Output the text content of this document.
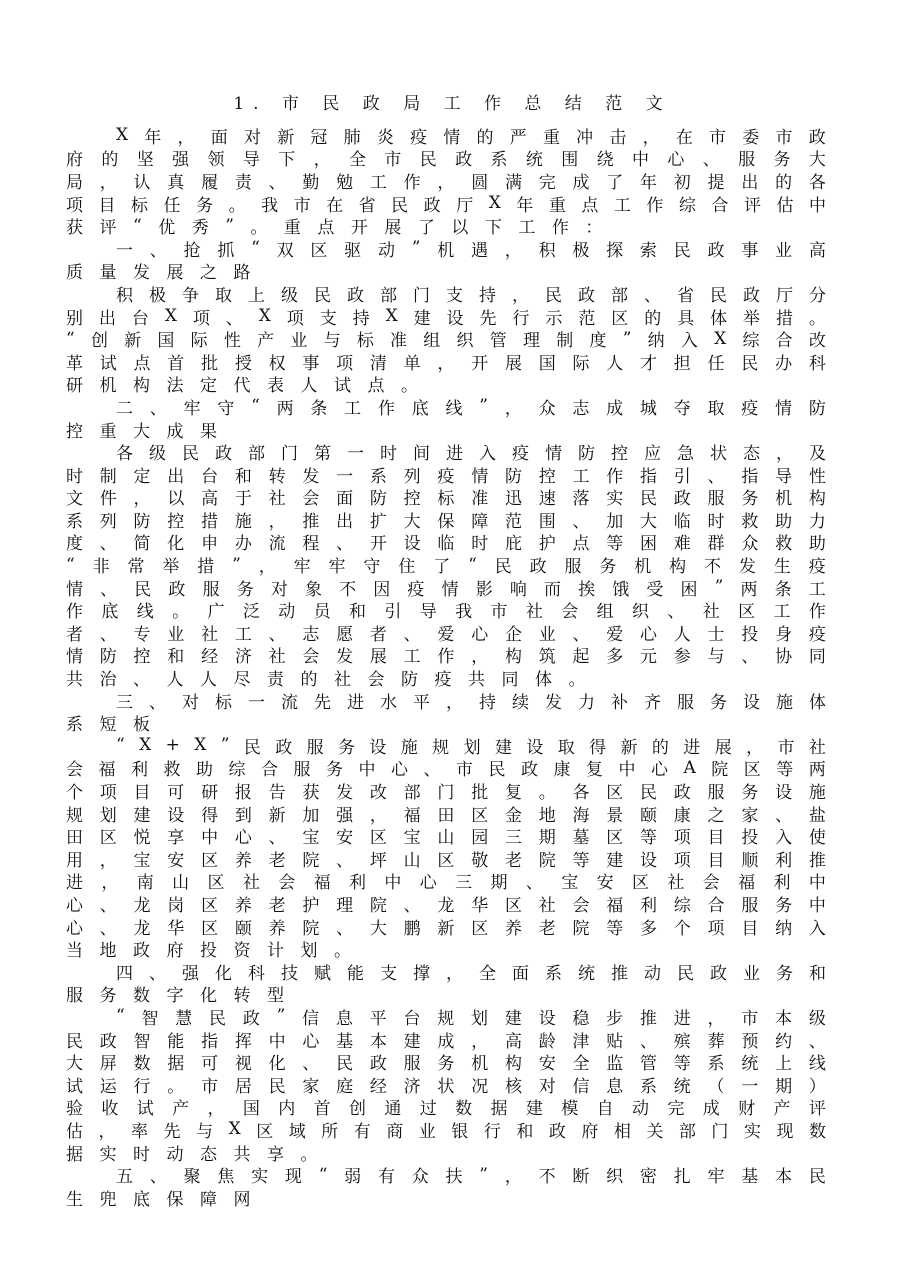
1. 市 民 政 局 工 作 总 结 范 文
X 年 ， 面 对 新 冠 肺 炎 疫 情 的 严 重 冲 击 ， 在 市 委 市 政
府 的 坚 强 领 导 下 ， 全 市 民 政 系 统 围 绕 中 心 、 服 务 大
局 ， 认 真 履 责 、 勤 勉 工 作 ， 圆 满 完 成 了 年 初 提 出 的 各
项 目 标 任 务 。 我 市 在 省 民 政 厅 X 年 重 点 工 作 综 合 评 估 中
获 评 “ 优 秀 ” 。 重 点 开 展 了 以 下 工 作 ：
一 、 抢 抓 “ 双 区 驱 动 ” 机 遇 ， 积 极 探 索 民 政 事 业 高
质 量 发 展 之 路
积 极 争 取 上 级 民 政 部 门 支 持 ， 民 政 部 、 省 民 政 厅 分
别 出 台 X 项 、 X 项 支 持 X 建 设 先 行 示 范 区 的 具 体 举 措 。
“ 创 新 国 际 性 产 业 与 标 准 组 织 管 理 制 度 ” 纳 入 X 综 合 改
革 试 点 首 批 授 权 事 项 清 单 ， 开 展 国 际 人 才 担 任 民 办 科
研 机 构 法 定 代 表 人 试 点 。
二 、 牢 守 “ 两 条 工 作 底 线 ” ， 众 志 成 城 夺 取 疫 情 防
控 重 大 成 果
各 级 民 政 部 门 第 一 时 间 进 入 疫 情 防 控 应 急 状 态 ， 及
时 制 定 出 台 和 转 发 一 系 列 疫 情 防 控 工 作 指 引 、 指 导 性
文 件 ， 以 高 于 社 会 面 防 控 标 准 迅 速 落 实 民 政 服 务 机 构
系 列 防 控 措 施 ， 推 出 扩 大 保 障 范 围 、 加 大 临 时 救 助 力
度 、 简 化 申 办 流 程 、 开 设 临 时 庇 护 点 等 困 难 群 众 救 助
“ 非 常 举 措 ” ， 牢 牢 守 住 了 “ 民 政 服 务 机 构 不 发 生 疫
情 、 民 政 服 务 对 象 不 因 疫 情 影 响 而 挨 饿 受 困 ” 两 条 工
作 底 线 。 广 泛 动 员 和 引 导 我 市 社 会 组 织 、 社 区 工 作
者 、 专 业 社 工 、 志 愿 者 、 爱 心 企 业 、 爱 心 人 士 投 身 疫
情 防 控 和 经 济 社 会 发 展 工 作 ， 构 筑 起 多 元 参 与 、 协 同
共 治 、 人 人 尽 责 的 社 会 防 疫 共 同 体 。
三 、 对 标 一 流 先 进 水 平 ， 持 续 发 力 补 齐 服 务 设 施 体
系 短 板
“ X + X ” 民 政 服 务 设 施 规 划 建 设 取 得 新 的 进 展 ， 市 社
会 福 利 救 助 综 合 服 务 中 心 、 市 民 政 康 复 中 心 A 院 区 等 两
个 项 目 可 研 报 告 获 发 改 部 门 批 复 。 各 区 民 政 服 务 设 施
规 划 建 设 得 到 新 加 强 ， 福 田 区 金 地 海 景 颐 康 之 家 、 盐
田 区 悦 享 中 心 、 宝 安 区 宝 山 园 三 期 墓 区 等 项 目 投 入 使
用 ， 宝 安 区 养 老 院 、 坪 山 区 敬 老 院 等 建 设 项 目 顺 利 推
进 ， 南 山 区 社 会 福 利 中 心 三 期 、 宝 安 区 社 会 福 利 中
心 、 龙 岗 区 养 老 护 理 院 、 龙 华 区 社 会 福 利 综 合 服 务 中
心 、 龙 华 区 颐 养 院 、 大 鹏 新 区 养 老 院 等 多 个 项 目 纳 入
当 地 政 府 投 资 计 划 。
四 、 强 化 科 技 赋 能 支 撑 ， 全 面 系 统 推 动 民 政 业 务 和
服 务 数 字 化 转 型
“ 智 慧 民 政 ” 信 息 平 台 规 划 建 设 稳 步 推 进 ， 市 本 级
民 政 智 能 指 挥 中 心 基 本 建 成 ， 高 龄 津 贴 、 殡 葬 预 约 、
大 屏 数 据 可 视 化 、 民 政 服 务 机 构 安 全 监 管 等 系 统 上 线
试 运 行 。 市 居 民 家 庭 经 济 状 况 核 对 信 息 系 统 （ 一 期 ）
验 收 试 产 ， 国 内 首 创 通 过 数 据 建 模 自 动 完 成 财 产 评
估 ， 率 先 与 X 区 域 所 有 商 业 银 行 和 政 府 相 关 部 门 实 现 数
据 实 时 动 态 共 享 。
五 、 聚 焦 实 现 “ 弱 有 众 扶 ” ， 不 断 织 密 扎 牢 基 本 民
生 兜 底 保 障 网
